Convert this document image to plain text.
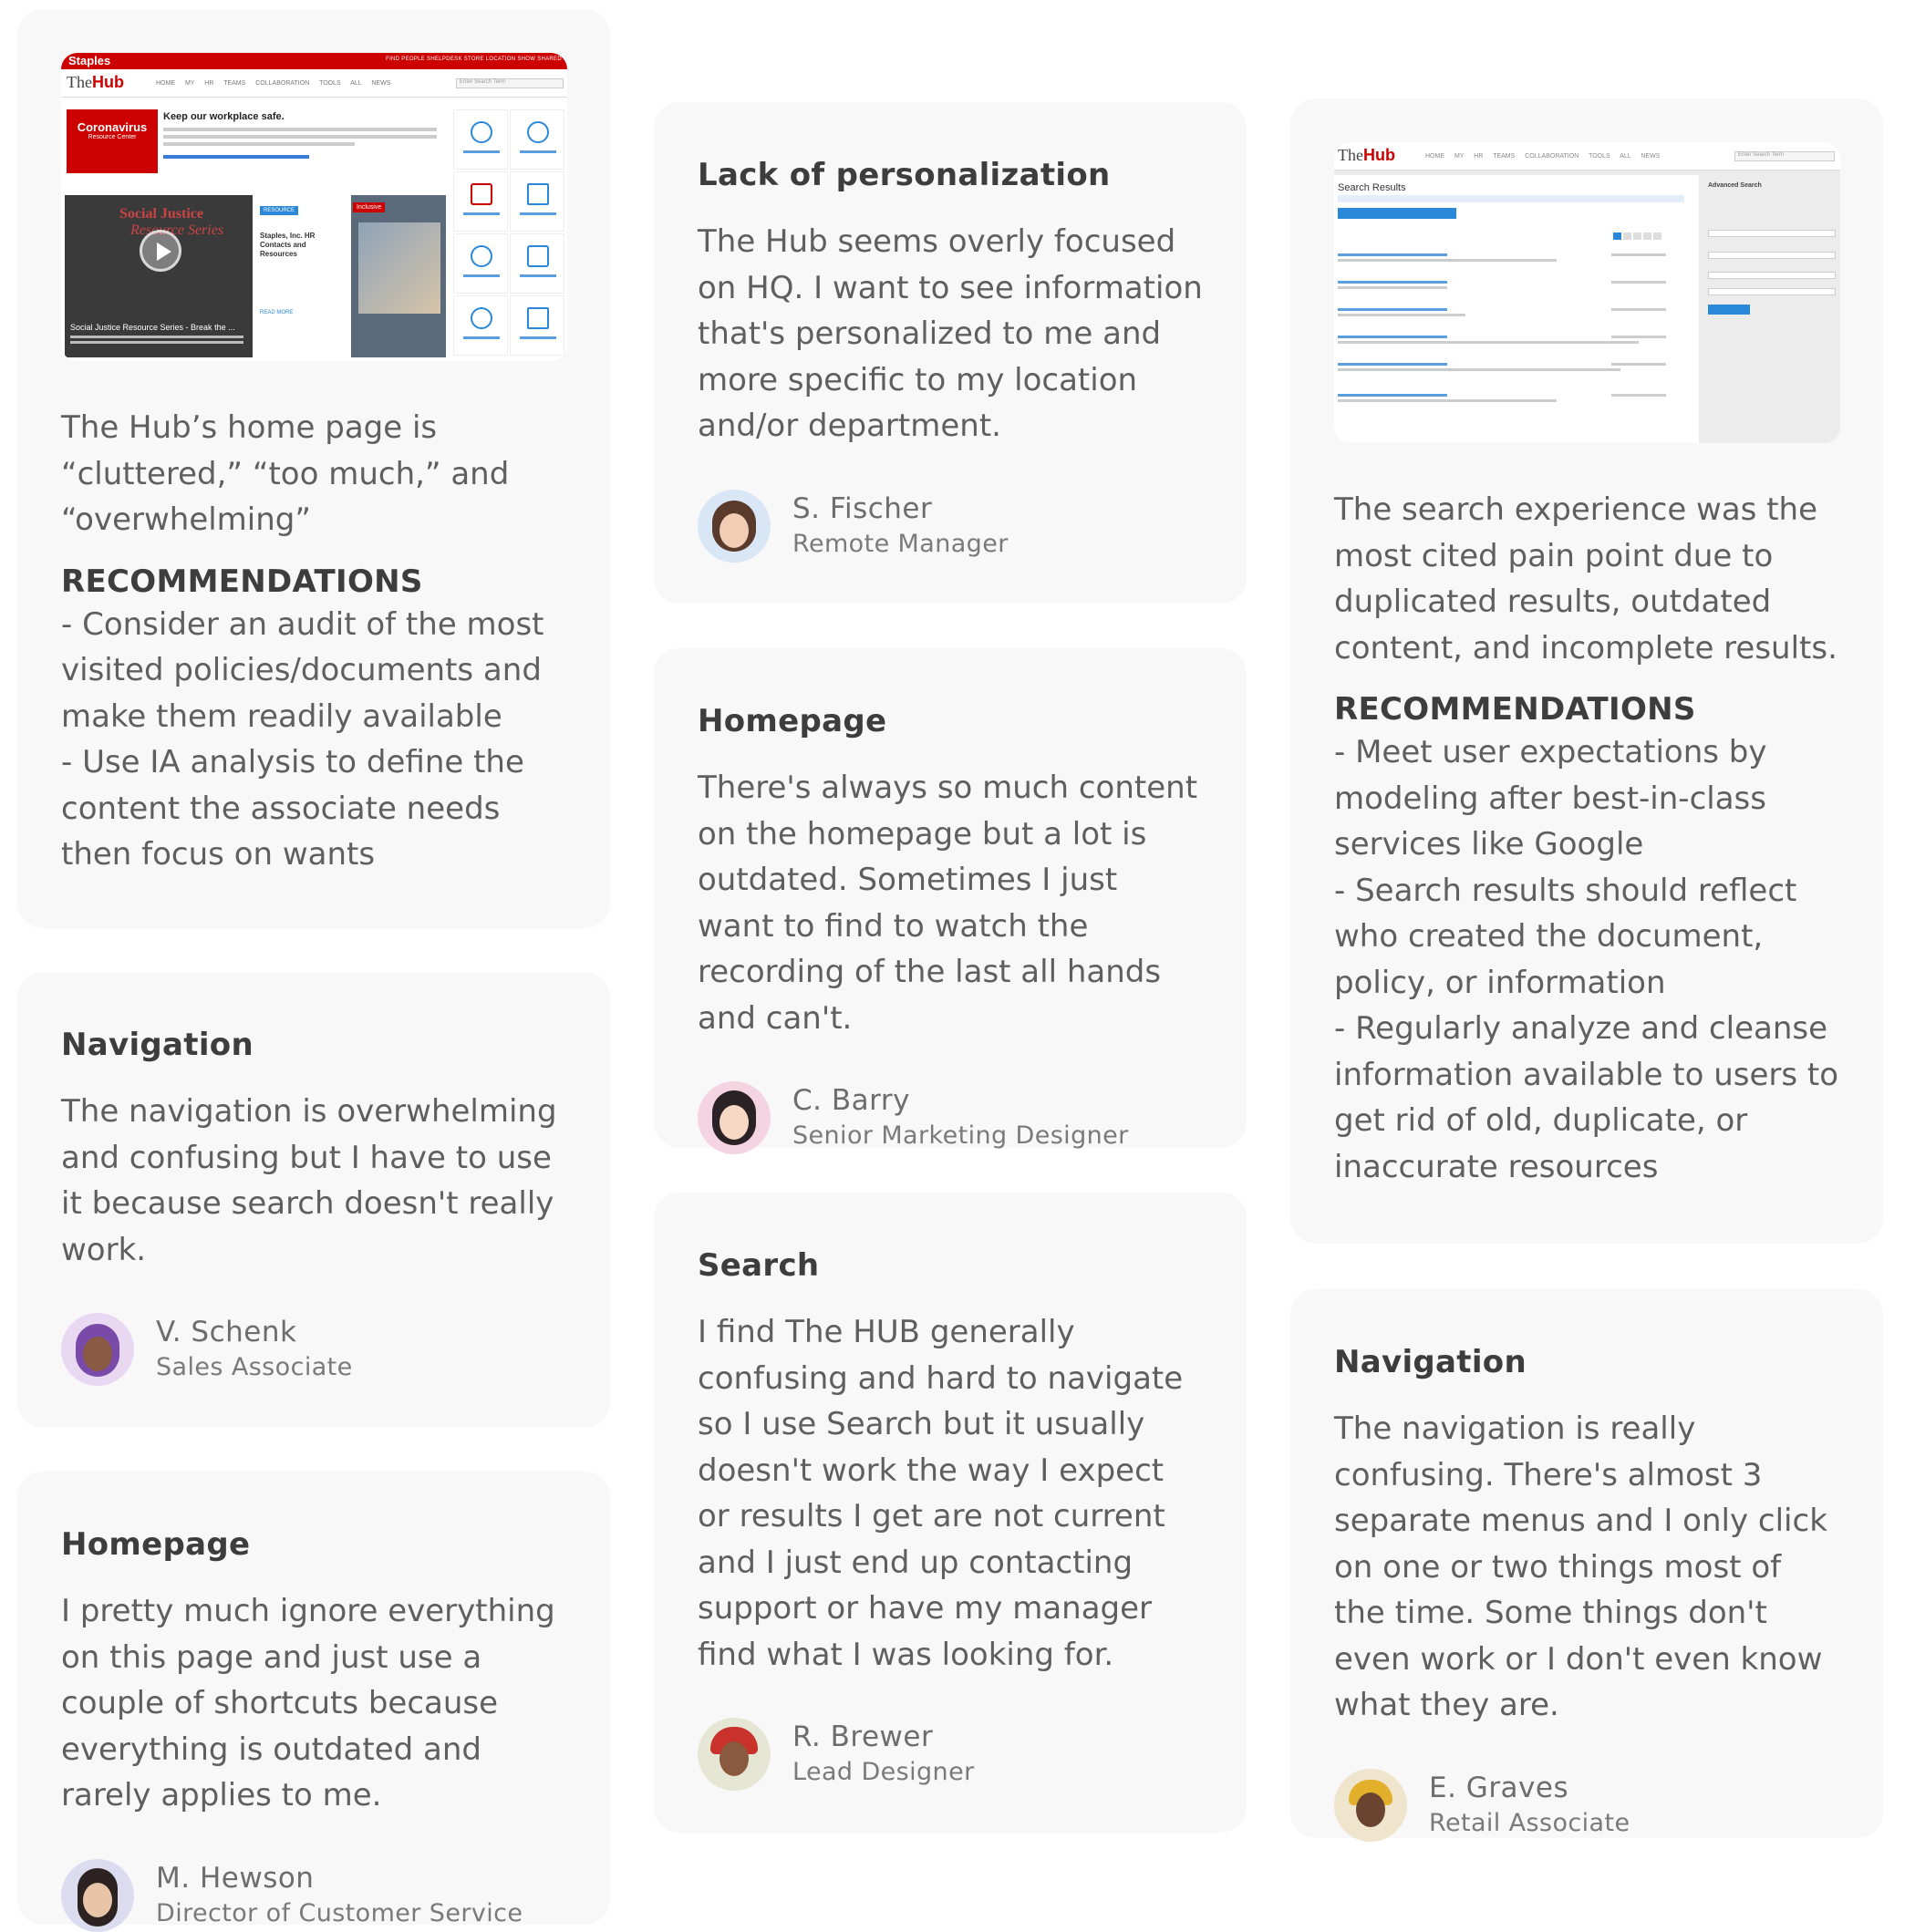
Staples	FIND PEOPLE SHELPDESK STORE LOCATION SHOW SHARED
TheHub	HOME MY HR TEAMS COLLABORATION TOOLS ALL NEWS	Enter Search Term
Coronavirus
Resource Center
Keep our workplace safe.
Social Justice
Resource Series
Social Justice Resource Series - Break the ...
RESOURCE
Staples, Inc. HR Contacts and Resources
READ MORE
Inclusive

The Hub’s home page is “cluttered,” “too much,” and “overwhelming”

RECOMMENDATIONS

- Consider an audit of the most visited policies/documents and make them readily available

- Use IA analysis to define the content the associate needs then focus on wants

Navigation

The navigation is overwhelming and confusing but I have to use it because search doesn't really work.

V. Schenk
Sales Associate
Homepage

I pretty much ignore everything on this page and just use a couple of shortcuts because everything is outdated and rarely applies to me.

M. Hewson
Director of Customer Service
Lack of personalization

The Hub seems overly focused on HQ. I want to see information that's personalized to me and more specific to my location and/or department.

S. Fischer
Remote Manager
Homepage

There's always so much content on the homepage but a lot is outdated. Sometimes I just want to find to watch the recording of the last all hands and can't.

C. Barry
Senior Marketing Designer
Search

I find The HUB generally confusing and hard to navigate so I use Search but it usually doesn't work the way I expect or results I get are not current and I just end up contacting support or have my manager find what I was looking for.

R. Brewer
Lead Designer
TheHub	HOME MY HR TEAMS COLLABORATION TOOLS ALL NEWS	Enter Search Term
Search Results	Advanced Search

The search experience was the most cited pain point due to duplicated results, outdated content, and incomplete results.

RECOMMENDATIONS

- Meet user expectations by modeling after best-in-class services like Google

- Search results should reflect who created the document, policy, or information

- Regularly analyze and cleanse information available to users to get rid of old, duplicate, or inaccurate resources

Navigation

The navigation is really confusing. There's almost 3 separate menus and I only click on one or two things most of the time. Some things don't even work or I don't even know what they are.

E. Graves
Retail Associate
